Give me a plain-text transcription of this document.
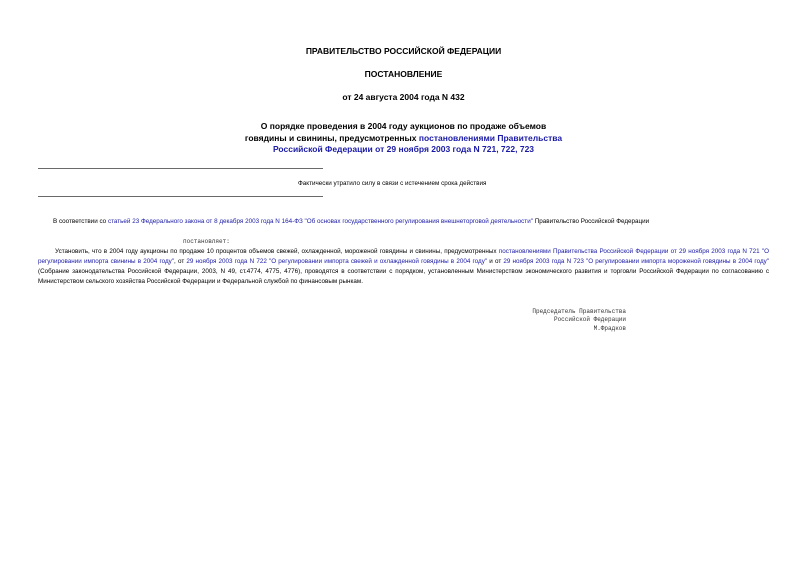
ПРАВИТЕЛЬСТВО РОССИЙСКОЙ ФЕДЕРАЦИИ
ПОСТАНОВЛЕНИЕ
от 24 августа 2004 года N 432
О порядке проведения в 2004 году аукционов по продаже объемов
говядины и свинины, предусмотренных постановлениями Правительства
Российской Федерации от 29 ноября 2003 года N 721, 722, 723
Фактически утратило силу в связи с истечением срока действия
В соответствии со статьей 23 Федерального закона от 8 декабря 2003 года N 164-ФЗ "Об основах государственного регулирования внешнеторговой деятельности" Правительство Российской Федерации
постановляет:
Установить, что в 2004 году аукционы по продаже 10 процентов объемов свежей, охлажденной, мороженой говядины и свинины, предусмотренных постановлениями Правительства Российской Федерации от 29 ноября 2003 года N 721 "О регулировании импорта свинины в 2004 году", от 29 ноября 2003 года N 722 "О регулировании импорта свежей и охлажденной говядины в 2004 году" и от 29 ноября 2003 года N 723 "О регулировании импорта мороженой говядины в 2004 году" (Собрание законодательства Российской Федерации, 2003, N 49, ст.4774, 4775, 4776), проводятся в соответствии с порядком, установленным Министерством экономического развития и торговли Российской Федерации по согласованию с Министерством сельского хозяйства Российской Федерации и Федеральной службой по финансовым рынкам.
Председатель Правительства
Российской Федерации
М.Фрадков
